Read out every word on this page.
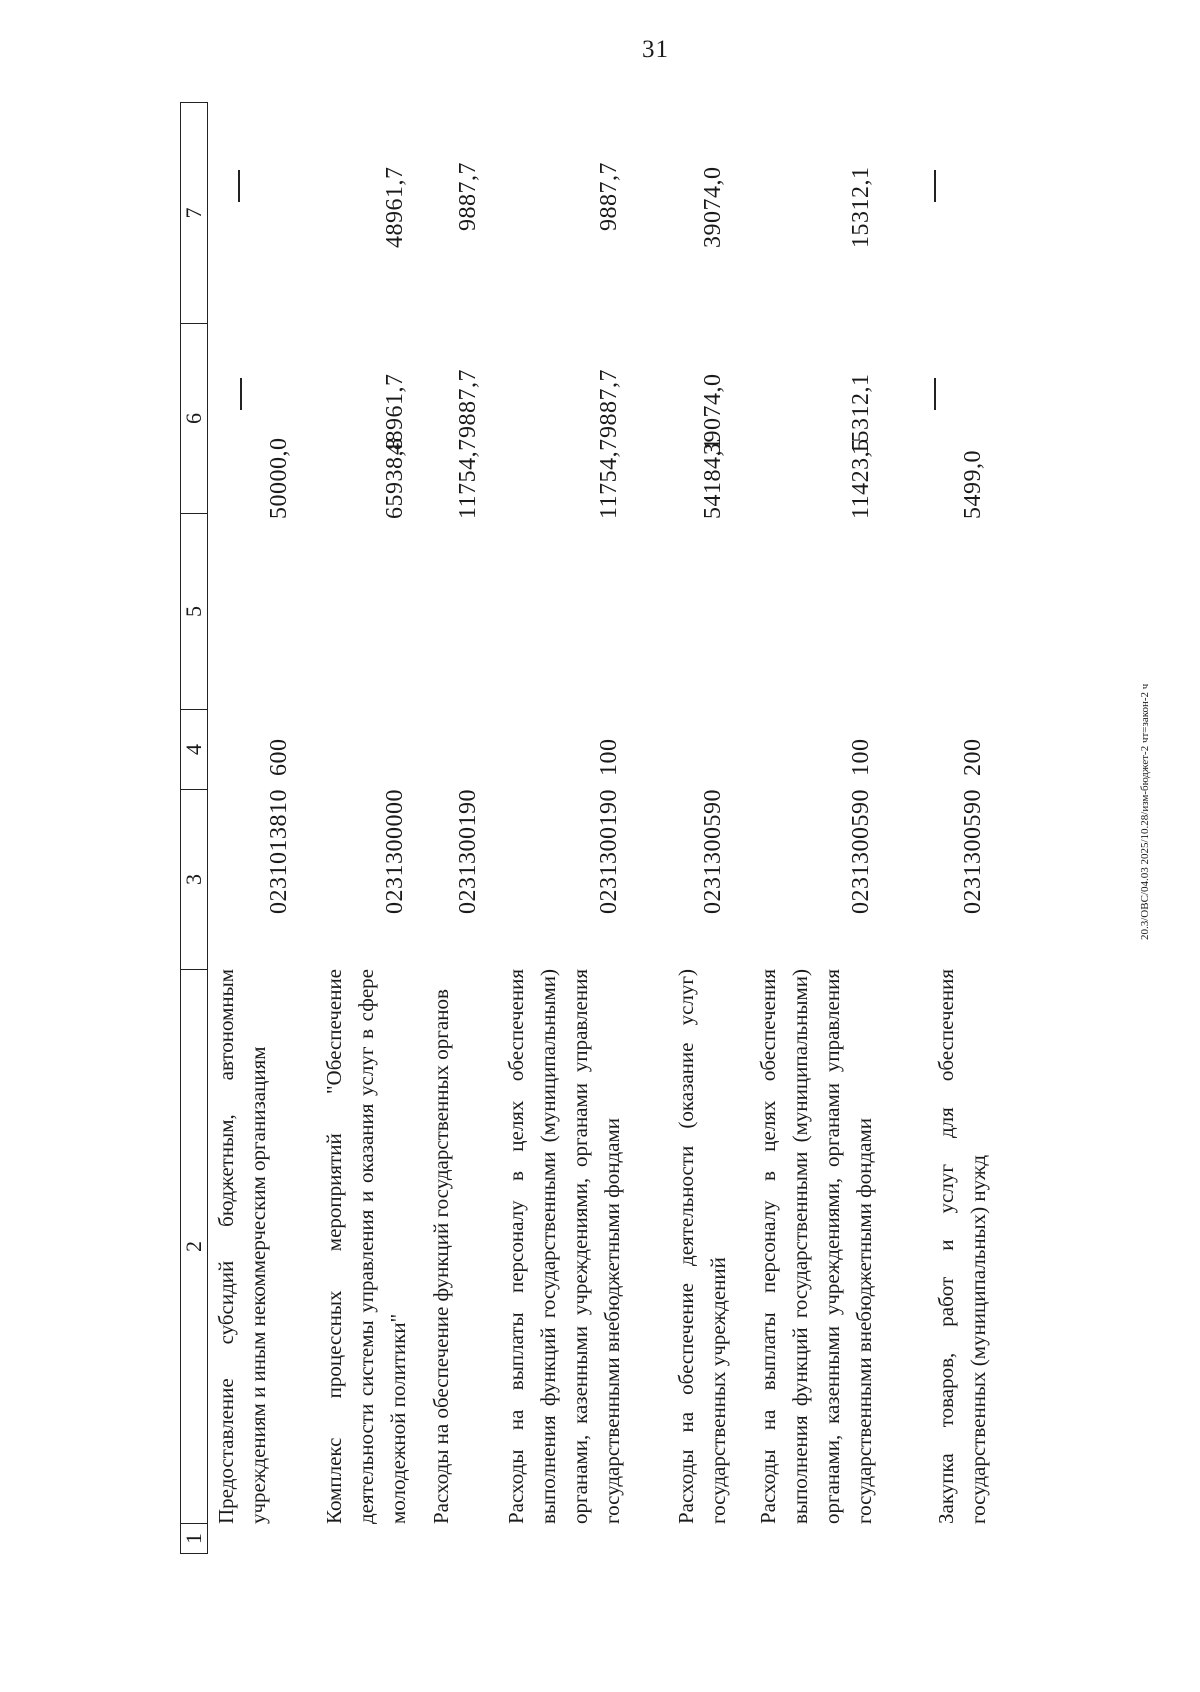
31
20.3/ОВС/04.03 2025/10.28/изм-бюджет-2 чт=закон-2 ч
1
2
3
4
5
6
7
Предоставление субсидий бюджетным, автономным учреждениям и иным некоммерческим организациям
0231013810
600
50000,0
Комплекс процессных мероприятий "Обеспечение деятельности системы управления и оказания услуг в сфере молодежной политики"
0231300000
65938,8
48961,7
48961,7
Расходы на обеспечение функций государственных органов
0231300190
11754,7
9887,7
9887,7
Расходы на выплаты персоналу в целях обеспечения выполнения функций государственными (муниципальными) органами, казенными учреждениями, органами управления государственными внебюджетными фондами
0231300190
100
11754,7
9887,7
9887,7
Расходы на обеспечение деятельности (оказание услуг) государственных учреждений
0231300590
54184,1
39074,0
39074,0
Расходы на выплаты персоналу в целях обеспечения выполнения функций государственными (муниципальными) органами, казенными учреждениями, органами управления государственными внебюджетными фондами
0231300590
100
11423,5
15312,1
15312,1
Закупка товаров, работ и услуг для обеспечения государственных (муниципальных) нужд
0231300590
200
5499,0
